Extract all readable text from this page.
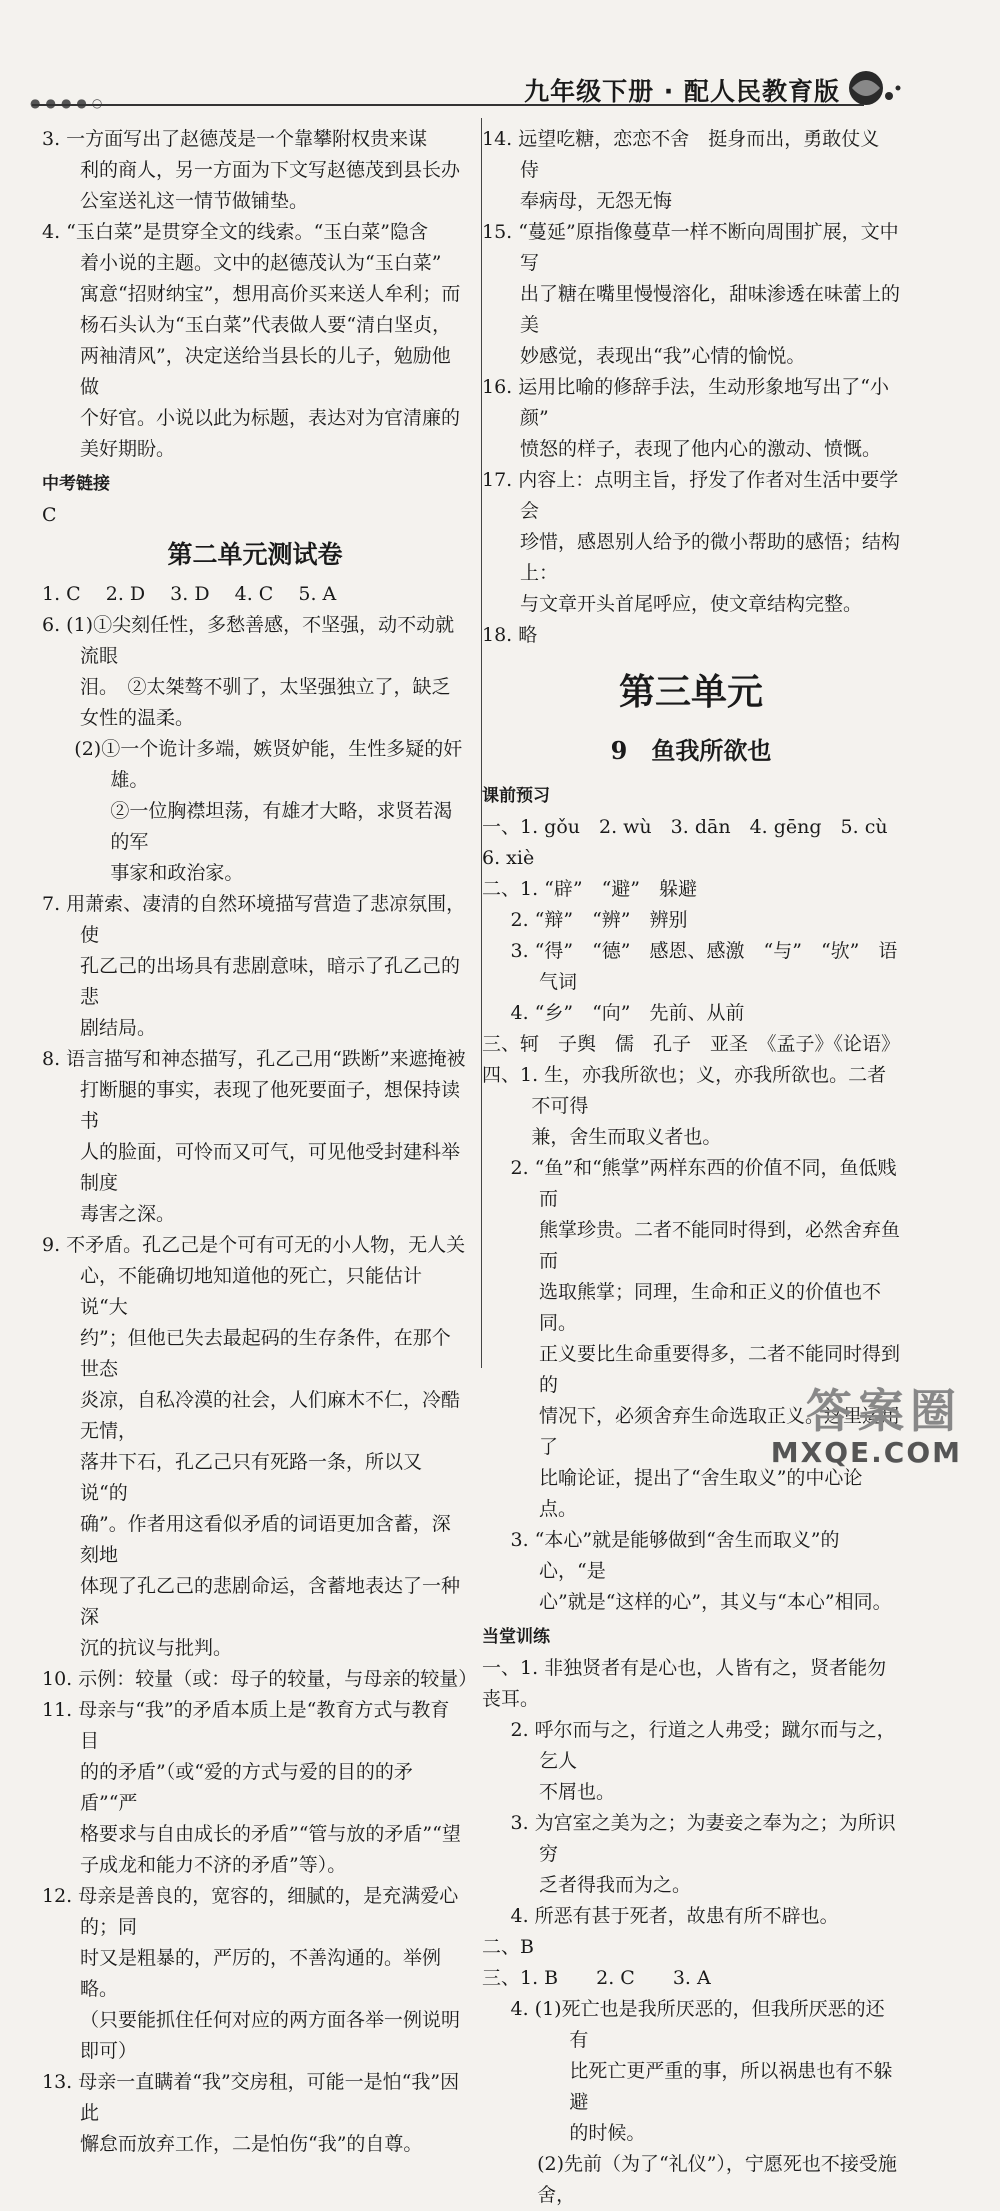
九年级下册 · 配人民教育版
●●●●○

3. 一方面写出了赵德茂是一个靠攀附权贵来谋
利的商人，另一方面为下文写赵德茂到县长办
公室送礼这一情节做铺垫。

4. “玉白菜”是贯穿全文的线索。“玉白菜”隐含
着小说的主题。文中的赵德茂认为“玉白菜”
寓意“招财纳宝”，想用高价买来送人牟利；而
杨石头认为“玉白菜”代表做人要“清白坚贞，
两袖清风”，决定送给当县长的儿子，勉励他做
个好官。小说以此为标题，表达对为官清廉的
美好期盼。

中考链接

C

第二单元测试卷

1. C　 2. D　 3. D　 4. C　 5. A

6. (1)①尖刻任性，多愁善感，不坚强，动不动就流眼
泪。　②太桀骜不驯了，太坚强独立了，缺乏
女性的温柔。

(2)①一个诡计多端，嫉贤妒能，生性多疑的奸雄。
②一位胸襟坦荡，有雄才大略，求贤若渴的军
事家和政治家。

7. 用萧索、凄清的自然环境描写营造了悲凉氛围，使
孔乙己的出场具有悲剧意味，暗示了孔乙己的悲
剧结局。

8. 语言描写和神态描写，孔乙己用“跌断”来遮掩被
打断腿的事实，表现了他死要面子，想保持读书
人的脸面，可怜而又可气，可见他受封建科举制度
毒害之深。

9. 不矛盾。孔乙己是个可有可无的小人物，无人关
心，不能确切地知道他的死亡，只能估计说“大
约”；但他已失去最起码的生存条件，在那个世态
炎凉，自私冷漠的社会，人们麻木不仁，冷酷无情，
落井下石，孔乙己只有死路一条，所以又说“的
确”。作者用这看似矛盾的词语更加含蓄，深刻地
体现了孔乙己的悲剧命运，含蓄地表达了一种深
沉的抗议与批判。

10. 示例：较量（或：母子的较量，与母亲的较量）

11. 母亲与“我”的矛盾本质上是“教育方式与教育目
的的矛盾”（或“爱的方式与爱的目的的矛盾”“严
格要求与自由成长的矛盾”“管与放的矛盾”“望
子成龙和能力不济的矛盾”等）。

12. 母亲是善良的，宽容的，细腻的，是充满爱心的；同
时又是粗暴的，严厉的，不善沟通的。举例略。
（只要能抓住任何对应的两方面各举一例说明
即可）

13. 母亲一直瞒着“我”交房租，可能一是怕“我”因此
懈怠而放弃工作，二是怕伤“我”的自尊。

14. 远望吃糖，恋恋不舍　挺身而出，勇敢仗义　侍
奉病母，无怨无悔

15. “蔓延”原指像蔓草一样不断向周围扩展，文中写
出了糖在嘴里慢慢溶化，甜味渗透在味蕾上的美
妙感觉，表现出“我”心情的愉悦。

16. 运用比喻的修辞手法，生动形象地写出了“小颜”
愤怒的样子，表现了他内心的激动、愤慨。

17. 内容上：点明主旨，抒发了作者对生活中要学会
珍惜，感恩别人给予的微小帮助的感悟；结构上：
与文章开头首尾呼应，使文章结构完整。

18. 略

第三单元

9　鱼我所欲也

课前预习

一、1. gǒu　2. wù　3. dān　4. gēng　5. cù　6. xiè

二、1. “辟”　“避”　躲避

2. “辩”　“辨”　辨别

3. “得”　“德”　感恩、感激　“与”　“欤”　语
气词

4. “乡”　“向”　先前、从前

三、轲　子舆　儒　孔子　亚圣　《孟子》《论语》

四、1. 生，亦我所欲也；义，亦我所欲也。二者不可得
兼，舍生而取义者也。

2. “鱼”和“熊掌”两样东西的价值不同，鱼低贱而
熊掌珍贵。二者不能同时得到，必然舍弃鱼而
选取熊掌；同理，生命和正义的价值也不同。
正义要比生命重要得多，二者不能同时得到的
情况下，必须舍弃生命选取正义。这里运用了
比喻论证，提出了“舍生取义”的中心论点。

3. “本心”就是能够做到“舍生而取义”的心，“是
心”就是“这样的心”，其义与“本心”相同。

当堂训练

一、1. 非独贤者有是心也，人皆有之，贤者能勿丧耳。

2. 呼尔而与之，行道之人弗受；蹴尔而与之，乞人
不屑也。

3. 为宫室之美为之；为妻妾之奉为之；为所识穷
乏者得我而为之。

4. 所恶有甚于死者，故患有所不辟也。

二、B

三、1. B　　2. C　　3. A

4. (1)死亡也是我所厌恶的，但我所厌恶的还有
比死亡更严重的事，所以祸患也有不躲避
的时候。

(2)先前（为了“礼仪”），宁愿死也不接受施舍，

答案圈
MXQE.COM
